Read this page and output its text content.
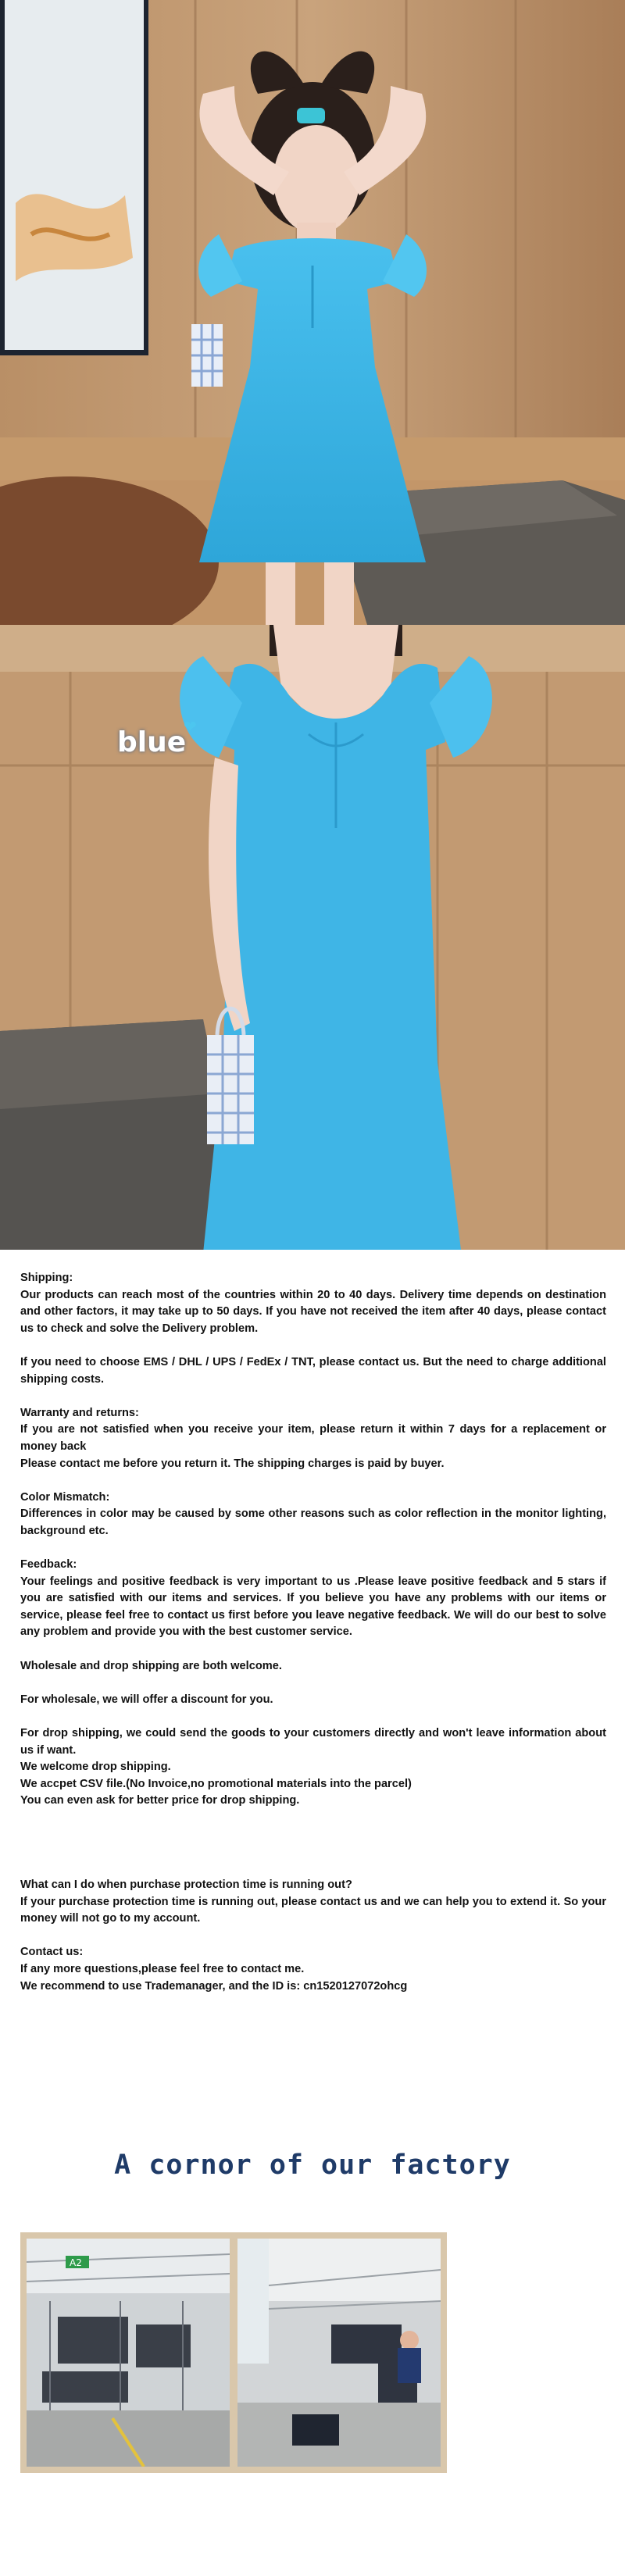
❤
blue

Shipping:

Our products can reach most of the countries within 20 to 40 days. Delivery time depends on destination and other factors, it may take up to 50 days. If you have not received the item after 40 days, please contact us to check and solve the Delivery problem.

If you need to choose EMS / DHL / UPS / FedEx / TNT, please contact us. But the need to charge additional shipping costs.

Warranty and returns:

If you are not satisfied when you receive your item, please return it within 7 days for a replacement or money back

Please contact me before you return it. The shipping charges is paid by buyer.

Color Mismatch:

Differences in color may be caused by some other reasons such as color reflection in the monitor lighting, background etc.

Feedback:

Your feelings and positive feedback is very important to us .Please leave positive feedback and 5 stars if you are satisfied with our items and services. If you believe you have any problems with our items or service, please feel free to contact us first before you leave negative feedback. We will do our best to solve any problem and provide you with the best customer service.

Wholesale and drop shipping are both welcome.

For wholesale, we will offer a discount for you.

For drop shipping, we could send the goods to your customers directly and won't leave information about us if want.

We welcome drop shipping.

We accpet CSV file.(No Invoice,no promotional materials into the parcel)

You can even ask for better price for drop shipping.

What can I do when purchase protection time is running out?

If your purchase protection time is running out, please contact us and we can help you to extend it. So your money will not go to my account.

Contact us:

If any more questions,please feel free to contact me.

We recommend to use Trademanager, and the ID is: cn1520127072ohcg

A cornor of our factory
A2
